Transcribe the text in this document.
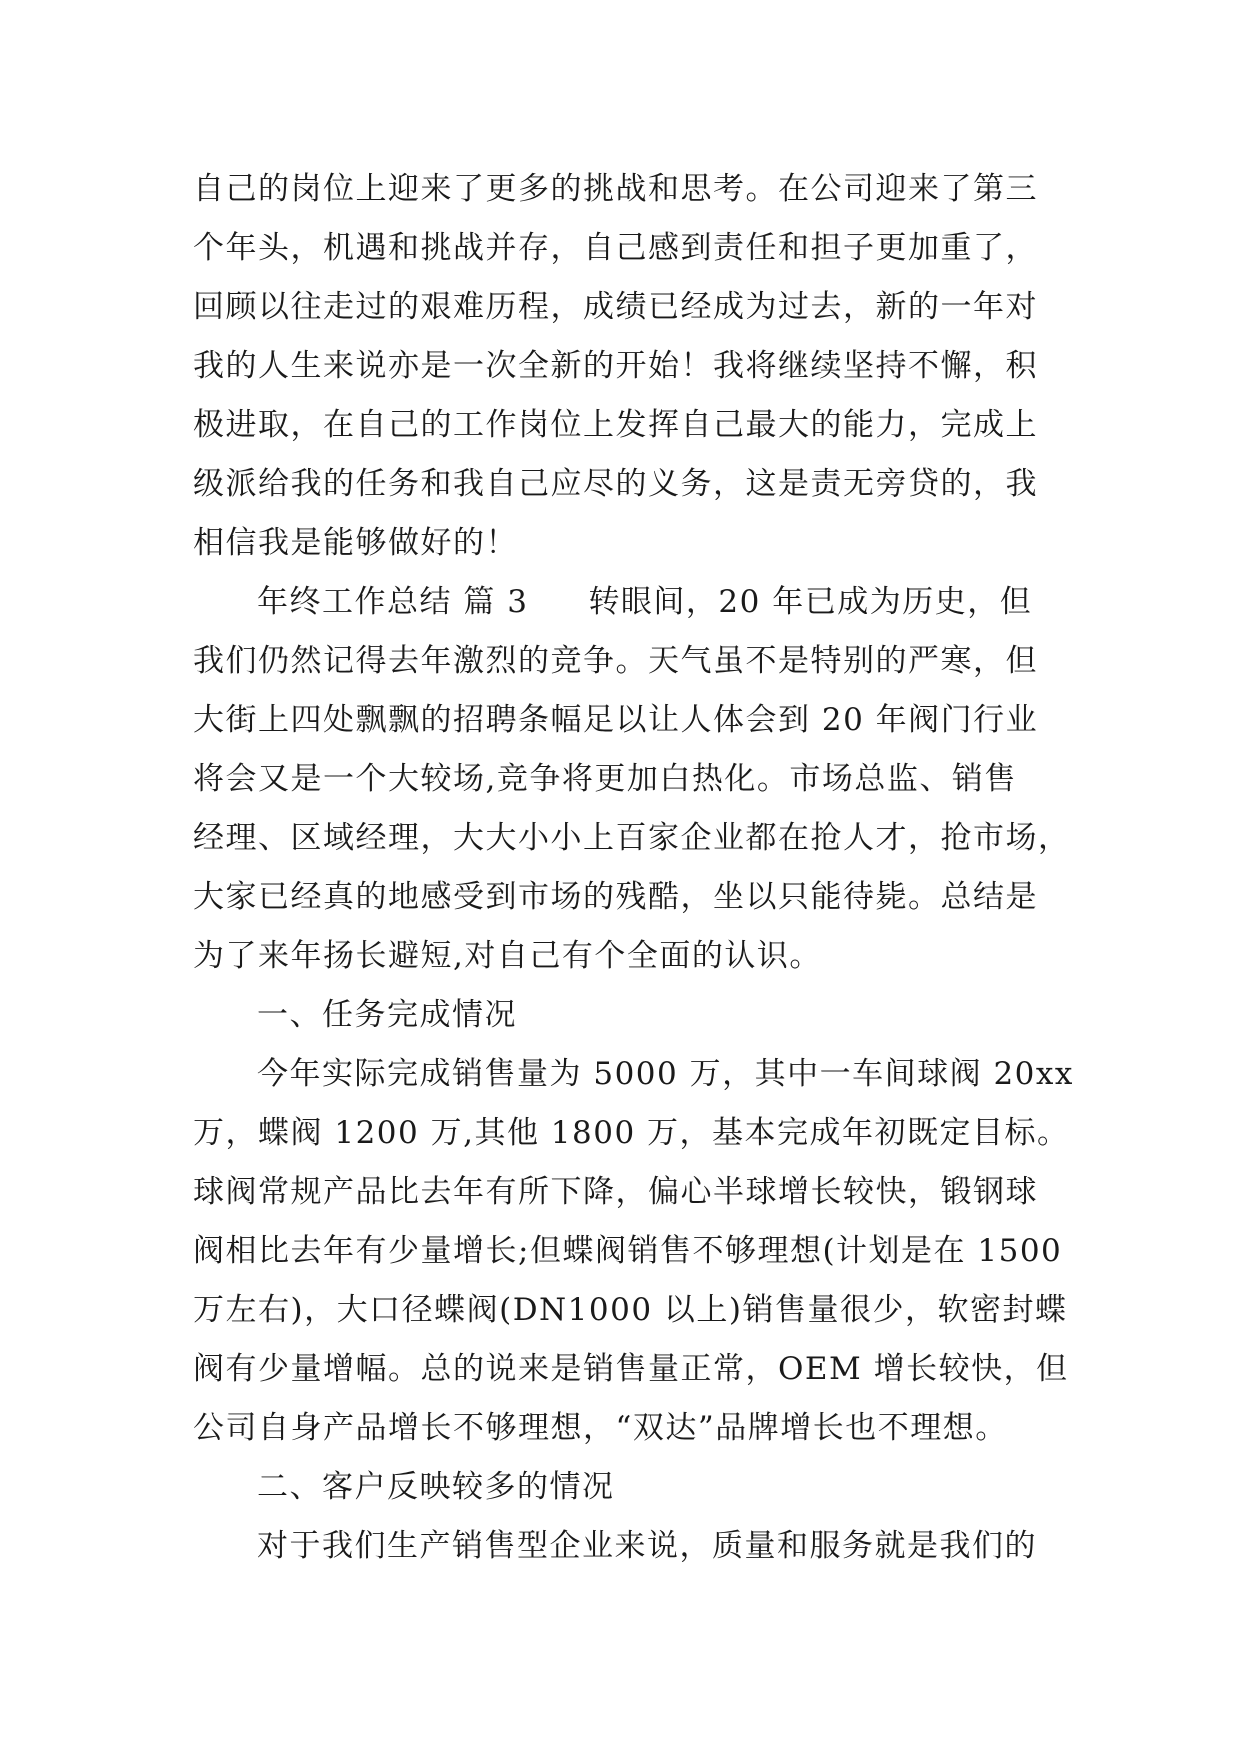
自己的岗位上迎来了更多的挑战和思考。在公司迎来了第三
个年头，机遇和挑战并存，自己感到责任和担子更加重了，
回顾以往走过的艰难历程，成绩已经成为过去，新的一年对
我的人生来说亦是一次全新的开始！我将继续坚持不懈，积
极进取，在自己的工作岗位上发挥自己最大的能力，完成上
级派给我的任务和我自己应尽的义务，这是责无旁贷的，我
相信我是能够做好的！
年终工作总结 篇 3 转眼间，20 年已成为历史，但
我们仍然记得去年激烈的竞争。天气虽不是特别的严寒，但
大街上四处飘飘的招聘条幅足以让人体会到 20 年阀门行业
将会又是一个大较场,竞争将更加白热化。市场总监、销售
经理、区域经理，大大小小上百家企业都在抢人才，抢市场，
大家已经真的地感受到市场的残酷，坐以只能待毙。总结是
为了来年扬长避短,对自己有个全面的认识。
一、任务完成情况
今年实际完成销售量为 5000 万，其中一车间球阀 20xx
万，蝶阀 1200 万,其他 1800 万，基本完成年初既定目标。
球阀常规产品比去年有所下降，偏心半球增长较快，锻钢球
阀相比去年有少量增长;但蝶阀销售不够理想(计划是在 1500
万左右)，大口径蝶阀(DN1000 以上)销售量很少，软密封蝶
阀有少量增幅。总的说来是销售量正常，OEM 增长较快，但
公司自身产品增长不够理想，“双达”品牌增长也不理想。
二、客户反映较多的情况
对于我们生产销售型企业来说，质量和服务就是我们的
